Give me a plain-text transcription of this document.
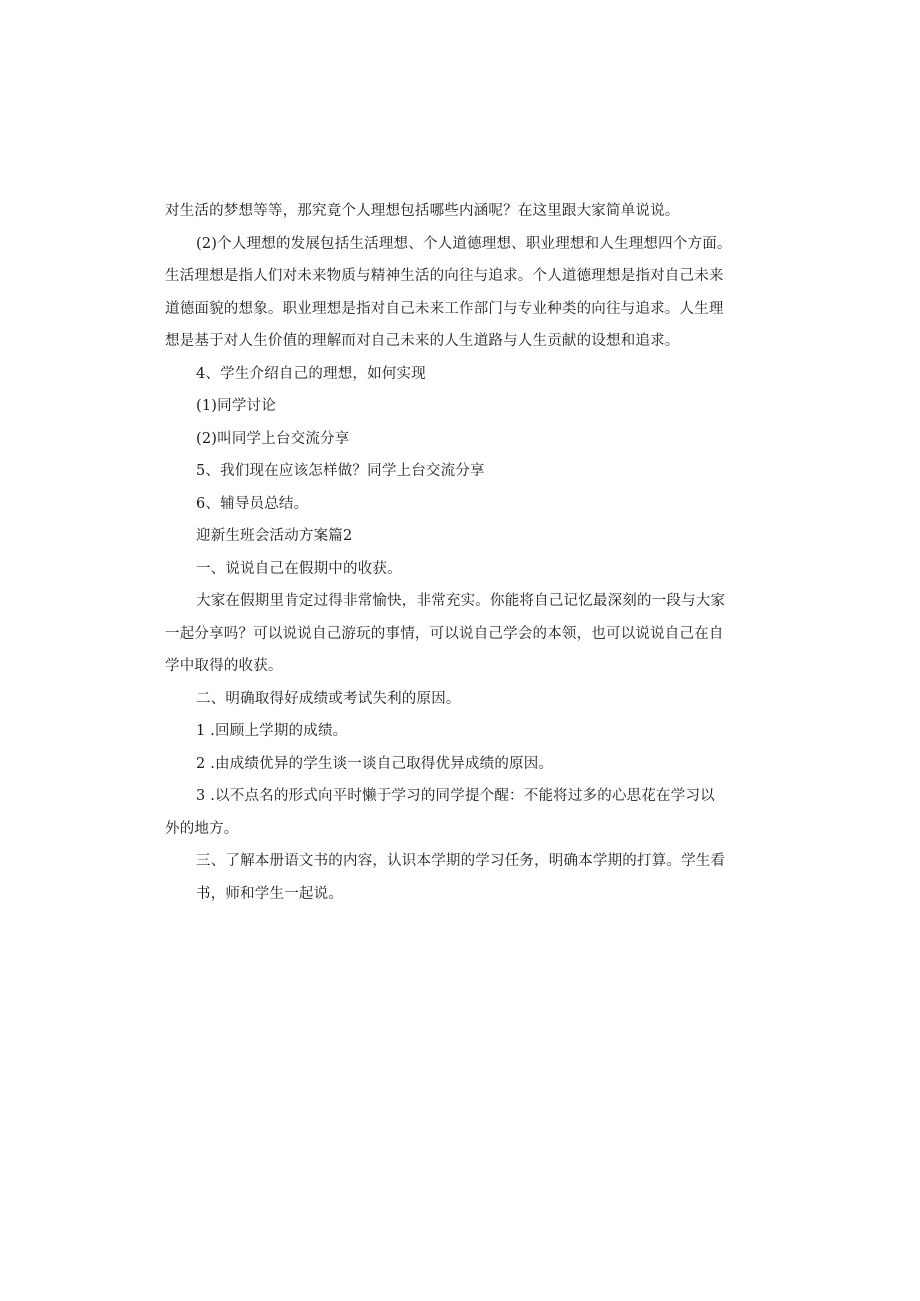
对生活的梦想等等，那究竟个人理想包括哪些内涵呢？在这里跟大家简单说说。
(2)个人理想的发展包括生活理想、个人道德理想、职业理想和人生理想四个方面。
生活理想是指人们对未来物质与精神生活的向往与追求。个人道德理想是指对自己未来
道德面貌的想象。职业理想是指对自己未来工作部门与专业种类的向往与追求。人生理
想是基于对人生价值的理解而对自己未来的人生道路与人生贡献的设想和追求。
4、学生介绍自己的理想，如何实现
(1)同学讨论
(2)叫同学上台交流分享
5、我们现在应该怎样做？同学上台交流分享
6、辅导员总结。
迎新生班会活动方案篇2
一、说说自己在假期中的收获。
大家在假期里肯定过得非常愉快，非常充实。你能将自己记忆最深刻的一段与大家
一起分享吗？可以说说自己游玩的事情，可以说自己学会的本领，也可以说说自己在自
学中取得的收获。
二、明确取得好成绩或考试失利的原因。
1 .回顾上学期的成绩。
2 .由成绩优异的学生谈一谈自己取得优异成绩的原因。
3 .以不点名的形式向平时懒于学习的同学提个醒：不能将过多的心思花在学习以
外的地方。
三、了解本册语文书的内容，认识本学期的学习任务，明确本学期的打算。学生看
书，师和学生一起说。
